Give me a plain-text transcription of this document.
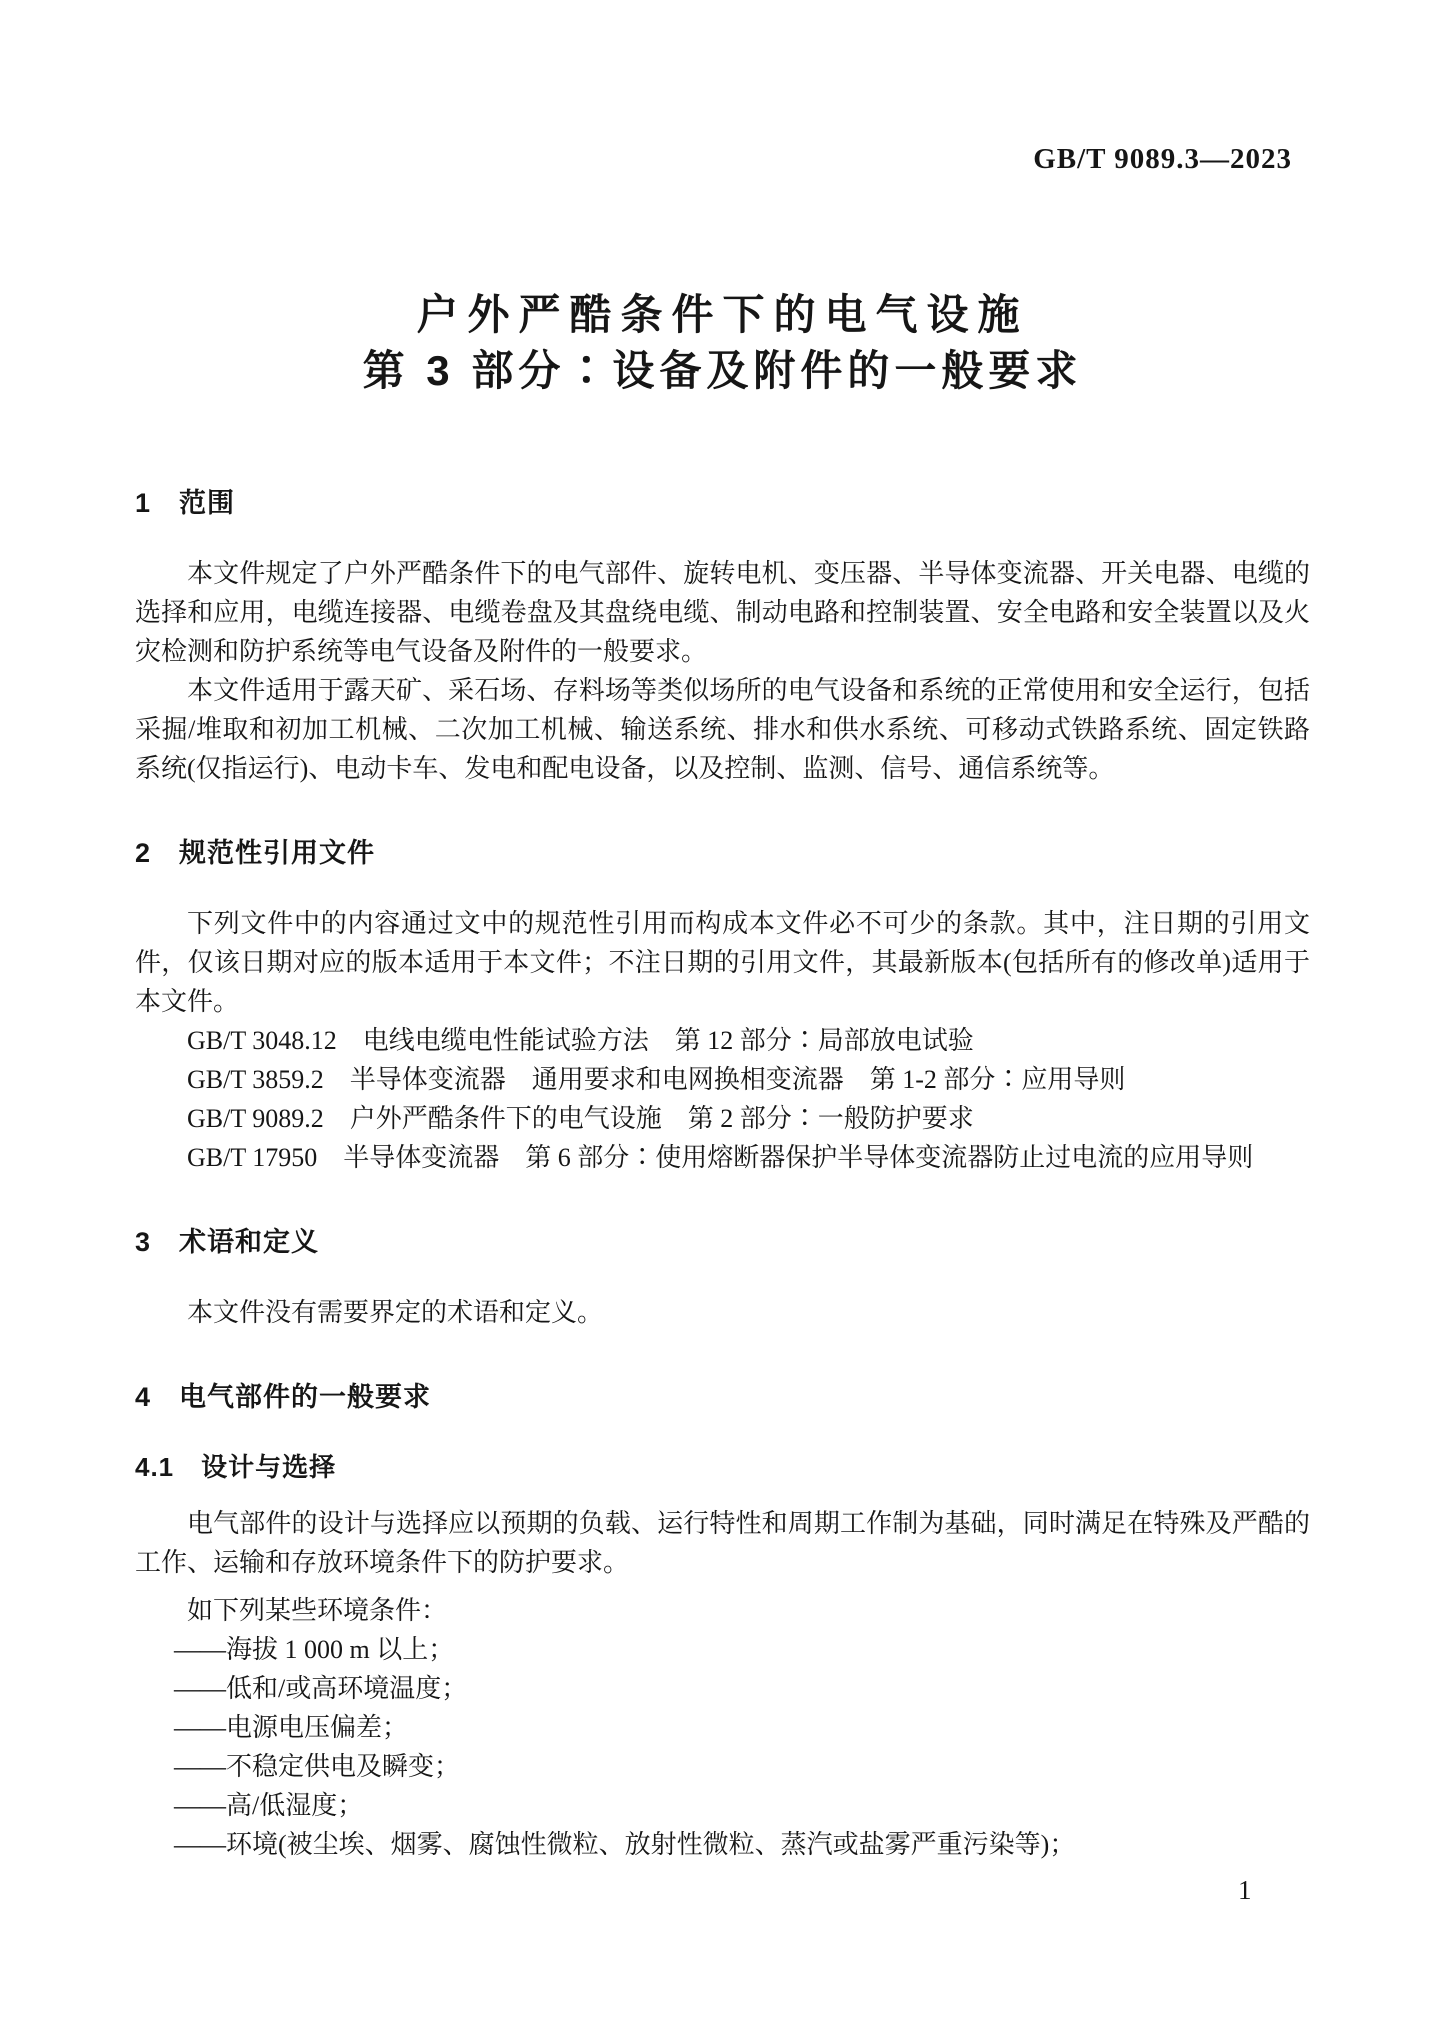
GB/T 9089.3—2023
户外严酷条件下的电气设施
第 3 部分∶设备及附件的一般要求
1　范围

本文件规定了户外严酷条件下的电气部件、旋转电机、变压器、半导体变流器、开关电器、电缆的选择和应用，电缆连接器、电缆卷盘及其盘绕电缆、制动电路和控制装置、安全电路和安全装置以及火灾检测和防护系统等电气设备及附件的一般要求。

本文件适用于露天矿、采石场、存料场等类似场所的电气设备和系统的正常使用和安全运行，包括采掘/堆取和初加工机械、二次加工机械、输送系统、排水和供水系统、可移动式铁路系统、固定铁路系统(仅指运行)、电动卡车、发电和配电设备，以及控制、监测、信号、通信系统等。

2　规范性引用文件

下列文件中的内容通过文中的规范性引用而构成本文件必不可少的条款。其中，注日期的引用文件，仅该日期对应的版本适用于本文件；不注日期的引用文件，其最新版本(包括所有的修改单)适用于本文件。

GB/T 3048.12　电线电缆电性能试验方法　第 12 部分∶局部放电试验

GB/T 3859.2　半导体变流器　通用要求和电网换相变流器　第 1-2 部分∶应用导则

GB/T 9089.2　户外严酷条件下的电气设施　第 2 部分∶一般防护要求

GB/T 17950　半导体变流器　第 6 部分∶使用熔断器保护半导体变流器防止过电流的应用导则

3　术语和定义

本文件没有需要界定的术语和定义。

4　电气部件的一般要求
4.1　设计与选择

电气部件的设计与选择应以预期的负载、运行特性和周期工作制为基础，同时满足在特殊及严酷的工作、运输和存放环境条件下的防护要求。

如下列某些环境条件：

——海拔 1 000 m 以上；

——低和/或高环境温度；

——电源电压偏差；

——不稳定供电及瞬变；

——高/低湿度；

——环境(被尘埃、烟雾、腐蚀性微粒、放射性微粒、蒸汽或盐雾严重污染等)；

1
